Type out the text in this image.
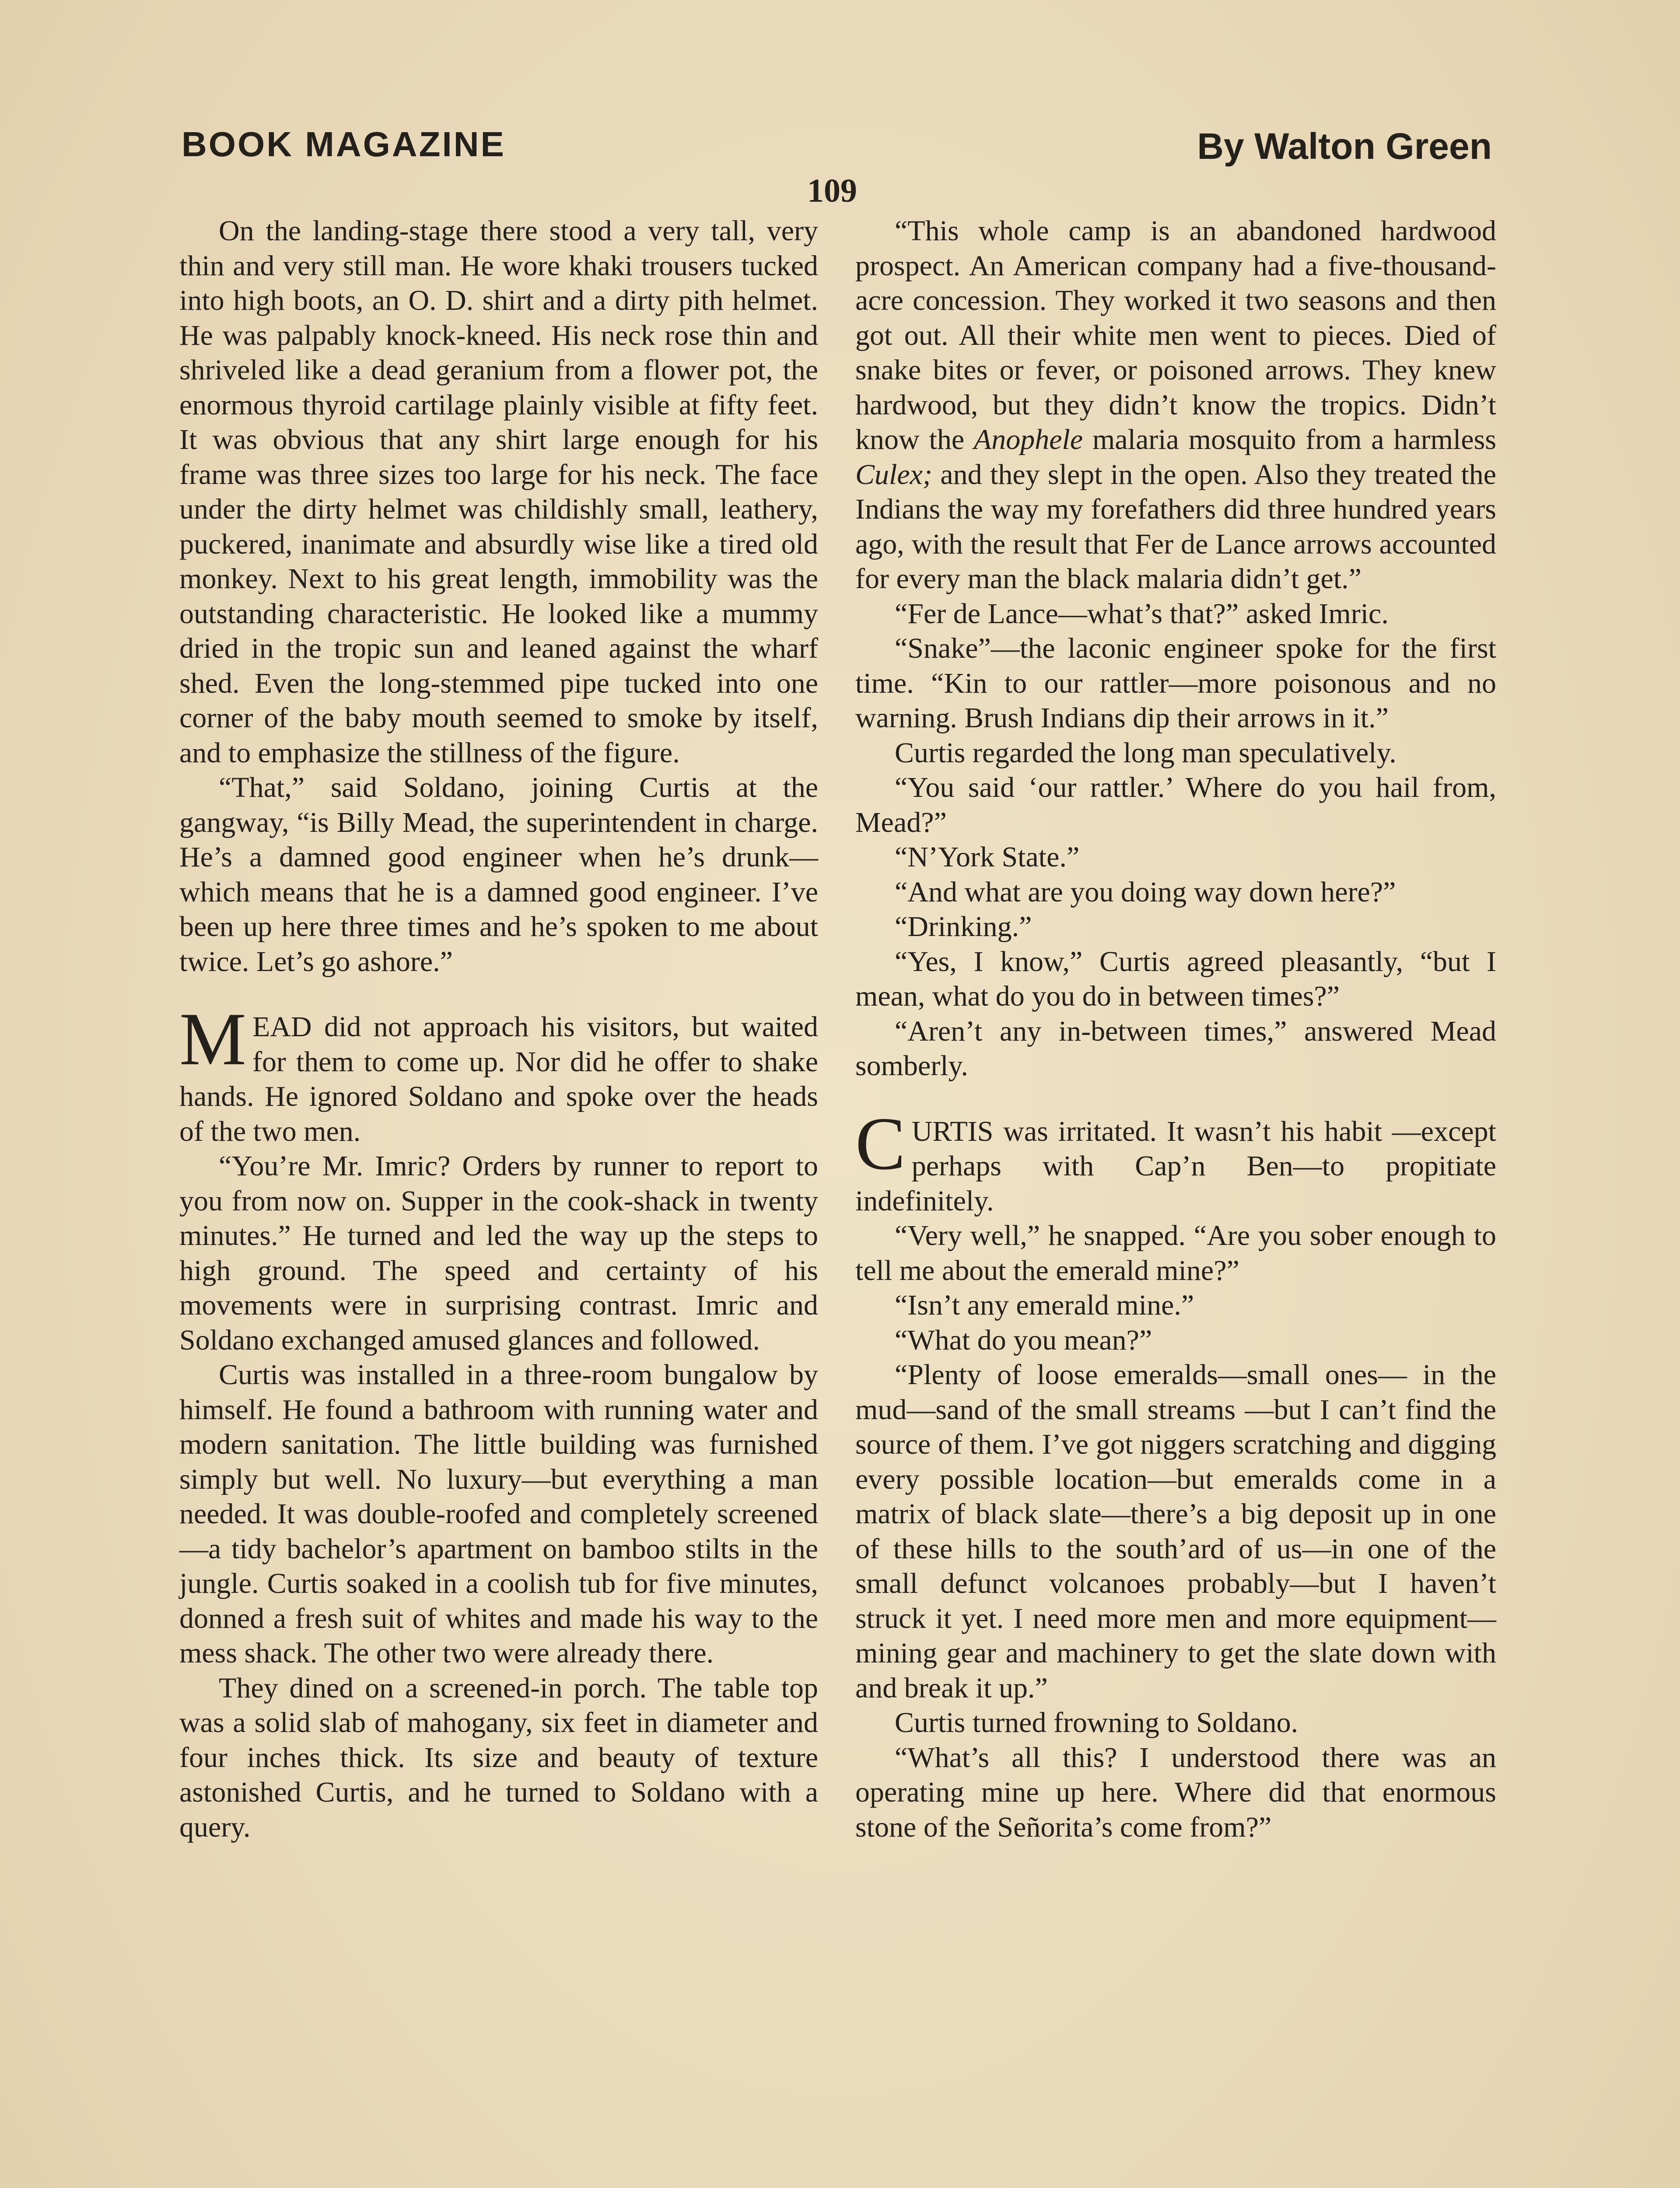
BOOK MAGAZINE	By Walton Green
109

On the landing-stage there stood a very tall, very thin and very still man. He wore khaki trousers tucked into high boots, an O. D. shirt and a dirty pith helmet. He was palpably knock-kneed. His neck rose thin and shriveled like a dead geranium from a flower pot, the enormous thyroid cartilage plainly visible at fifty feet. It was obvious that any shirt large enough for his frame was three sizes too large for his neck. The face under the dirty helmet was childishly small, leathery, puckered, inanimate and absurdly wise like a tired old monkey. Next to his great length, immobility was the outstanding characteristic. He looked like a mummy dried in the tropic sun and leaned against the wharf shed. Even the long-stemmed pipe tucked into one corner of the baby mouth seemed to smoke by itself, and to emphasize the stillness of the figure.

“That,” said Soldano, joining Curtis at the gangway, “is Billy Mead, the superintendent in charge. He’s a damned good engineer when he’s drunk—which means that he is a damned good engineer. I’ve been up here three times and he’s spoken to me about twice. Let’s go ashore.”

MEAD did not approach his visitors, but waited for them to come up. Nor did he offer to shake hands. He ignored Soldano and spoke over the heads of the two men.

“You’re Mr. Imric? Orders by runner to report to you from now on. Supper in the cook-shack in twenty minutes.” He turned and led the way up the steps to high ground. The speed and certainty of his movements were in surprising contrast. Imric and Soldano exchanged amused glances and followed.

Curtis was installed in a three-room bungalow by himself. He found a bathroom with running water and modern sanitation. The little building was furnished simply but well. No luxury—but everything a man needed. It was double-roofed and completely screened—a tidy bachelor’s apartment on bamboo stilts in the jungle. Curtis soaked in a coolish tub for five minutes, donned a fresh suit of whites and made his way to the mess shack. The other two were already there.

They dined on a screened-in porch. The table top was a solid slab of mahogany, six feet in diameter and four inches thick. Its size and beauty of texture astonished Curtis, and he turned to Soldano with a query.

“This whole camp is an abandoned hardwood prospect. An American company had a five-thousand-acre concession. They worked it two seasons and then got out. All their white men went to pieces. Died of snake bites or fever, or poisoned arrows. They knew hardwood, but they didn’t know the tropics. Didn’t know the Anophele malaria mosquito from a harmless Culex; and they slept in the open. Also they treated the Indians the way my forefathers did three hundred years ago, with the result that Fer de Lance arrows accounted for every man the black malaria didn’t get.”

“Fer de Lance—what’s that?” asked Imric.

“Snake”—the laconic engineer spoke for the first time. “Kin to our rattler—more poisonous and no warning. Brush Indians dip their arrows in it.”

Curtis regarded the long man speculatively.

“You said ‘our rattler.’ Where do you hail from, Mead?”

“N’York State.”

“And what are you doing way down here?”

“Drinking.”

“Yes, I know,” Curtis agreed pleasantly, “but I mean, what do you do in between times?”

“Aren’t any in-between times,” answered Mead somberly.

CURTIS was irritated. It wasn’t his habit —except perhaps with Cap’n Ben—to propitiate indefinitely.

“Very well,” he snapped. “Are you sober enough to tell me about the emerald mine?”

“Isn’t any emerald mine.”

“What do you mean?”

“Plenty of loose emeralds—small ones— in the mud—sand of the small streams —but I can’t find the source of them. I’ve got niggers scratching and digging every possible location—but emeralds come in a matrix of black slate—there’s a big deposit up in one of these hills to the south’ard of us—in one of the small defunct volcanoes probably—but I haven’t struck it yet. I need more men and more equipment—mining gear and machinery to get the slate down with and break it up.”

Curtis turned frowning to Soldano.

“What’s all this? I understood there was an operating mine up here. Where did that enormous stone of the Señorita’s come from?”
